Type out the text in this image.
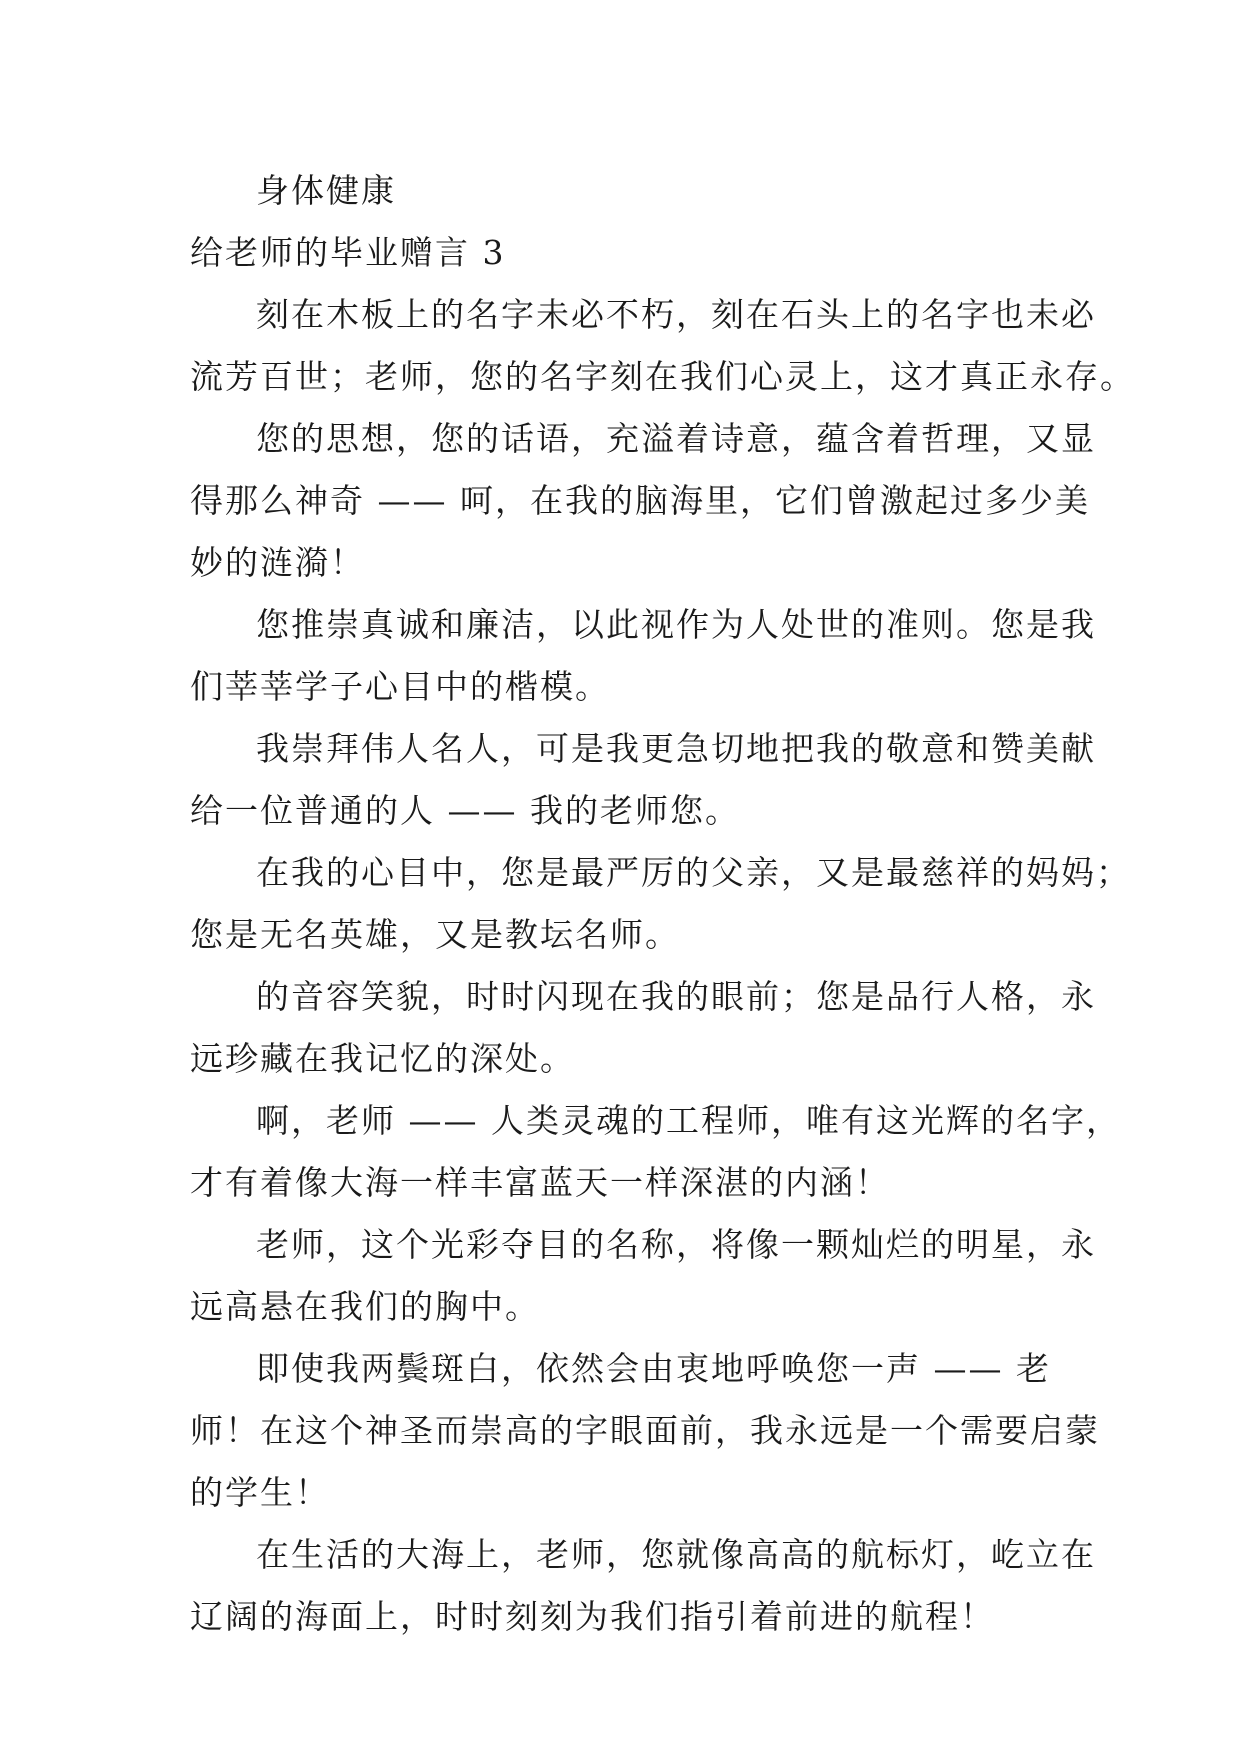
身体健康
给老师的毕业赠言 3
刻在木板上的名字未必不朽，刻在石头上的名字也未必
流芳百世；老师，您的名字刻在我们心灵上，这才真正永存。
您的思想，您的话语，充溢着诗意，蕴含着哲理，又显
得那么神奇 —— 呵，在我的脑海里，它们曾激起过多少美
妙的涟漪！
您推崇真诚和廉洁，以此视作为人处世的准则。您是我
们莘莘学子心目中的楷模。
我崇拜伟人名人，可是我更急切地把我的敬意和赞美献
给一位普通的人 —— 我的老师您。
在我的心目中，您是最严厉的父亲，又是最慈祥的妈妈；
您是无名英雄，又是教坛名师。
的音容笑貌，时时闪现在我的眼前；您是品行人格，永
远珍藏在我记忆的深处。
啊，老师 —— 人类灵魂的工程师，唯有这光辉的名字，
才有着像大海一样丰富蓝天一样深湛的内涵！
老师，这个光彩夺目的名称，将像一颗灿烂的明星，永
远高悬在我们的胸中。
即使我两鬓斑白，依然会由衷地呼唤您一声 —— 老
师！在这个神圣而崇高的字眼面前，我永远是一个需要启蒙
的学生！
在生活的大海上，老师，您就像高高的航标灯，屹立在
辽阔的海面上，时时刻刻为我们指引着前进的航程！
